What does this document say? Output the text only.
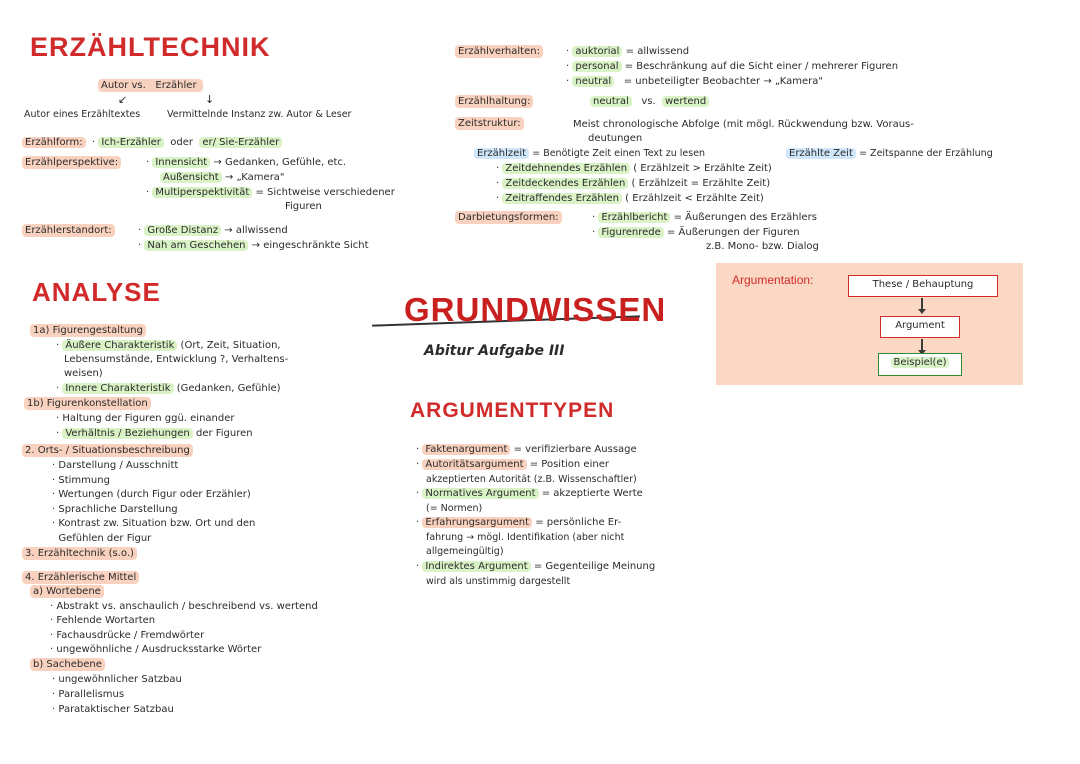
ERZÄHLTECHNIK
Autor vs. Erzähler
↙	↓
Autor eines Erzähltextes	Vermittelnde Instanz zw. Autor & Leser
Erzählform:  · Ich-Erzähler oder er/ Sie-Erzähler
Erzählperspektive:	· Innensicht → Gedanken, Gefühle, etc.
Außensicht → „Kamera"
· Multiperspektivität = Sichtweise verschiedener
Figuren
Erzählerstandort:	· Große Distanz → allwissend
· Nah am Geschehen → eingeschränkte Sicht
Erzählverhalten:	· auktorial = allwissend
· personal = Beschränkung auf die Sicht einer / mehrerer Figuren
· neutral = unbeteiligter Beobachter → „Kamera"
Erzählhaltung:	neutral vs. wertend
Zeitstruktur:	Meist chronologische Abfolge (mit mögl. Rückwendung bzw. Voraus-
deutungen
Erzählzeit = Benötigte Zeit einen Text zu lesen	Erzählte Zeit = Zeitspanne der Erzählung
· Zeitdehnendes Erzählen ( Erzählzeit > Erzählte Zeit)
· Zeitdeckendes Erzählen ( Erzählzeit = Erzählte Zeit)
· Zeitraffendes Erzählen ( Erzählzeit < Erzählte Zeit)
Darbietungsformen:	· Erzählbericht = Äußerungen des Erzählers
· Figurenrede = Äußerungen der Figuren
z.B. Mono- bzw. Dialog
Argumentation:	These / Behauptung
Argument
Beispiel(e)
GRUNDWISSEN
Abitur Aufgabe III
ANALYSE
1a) Figurengestaltung
· Äußere Charakteristik (Ort, Zeit, Situation,
Lebensumstände, Entwicklung ?, Verhaltens-
weisen)
· Innere Charakteristik (Gedanken, Gefühle)
1b) Figurenkonstellation
· Haltung der Figuren ggü. einander
· Verhältnis / Beziehungen der Figuren
2. Orts- / Situationsbeschreibung
· Darstellung / Ausschnitt
· Stimmung
· Wertungen (durch Figur oder Erzähler)
· Sprachliche Darstellung
· Kontrast zw. Situation bzw. Ort und den
Gefühlen der Figur
3. Erzähltechnik (s.o.)
4. Erzählerische Mittel
a) Wortebene
· Abstrakt vs. anschaulich / beschreibend vs. wertend
· Fehlende Wortarten
· Fachausdrücke / Fremdwörter
· ungewöhnliche / Ausdrucksstarke Wörter
b) Sachebene
· ungewöhnlicher Satzbau
· Parallelismus
· Parataktischer Satzbau
ARGUMENTTYPEN
· Faktenargument = verifizierbare Aussage
· Autoritätsargument = Position einer
akzeptierten Autorität (z.B. Wissenschaftler)
· Normatives Argument = akzeptierte Werte
(= Normen)
· Erfahrungsargument = persönliche Er-
fahrung → mögl. Identifikation (aber nicht
allgemeingültig)
· Indirektes Argument = Gegenteilige Meinung
wird als unstimmig dargestellt
